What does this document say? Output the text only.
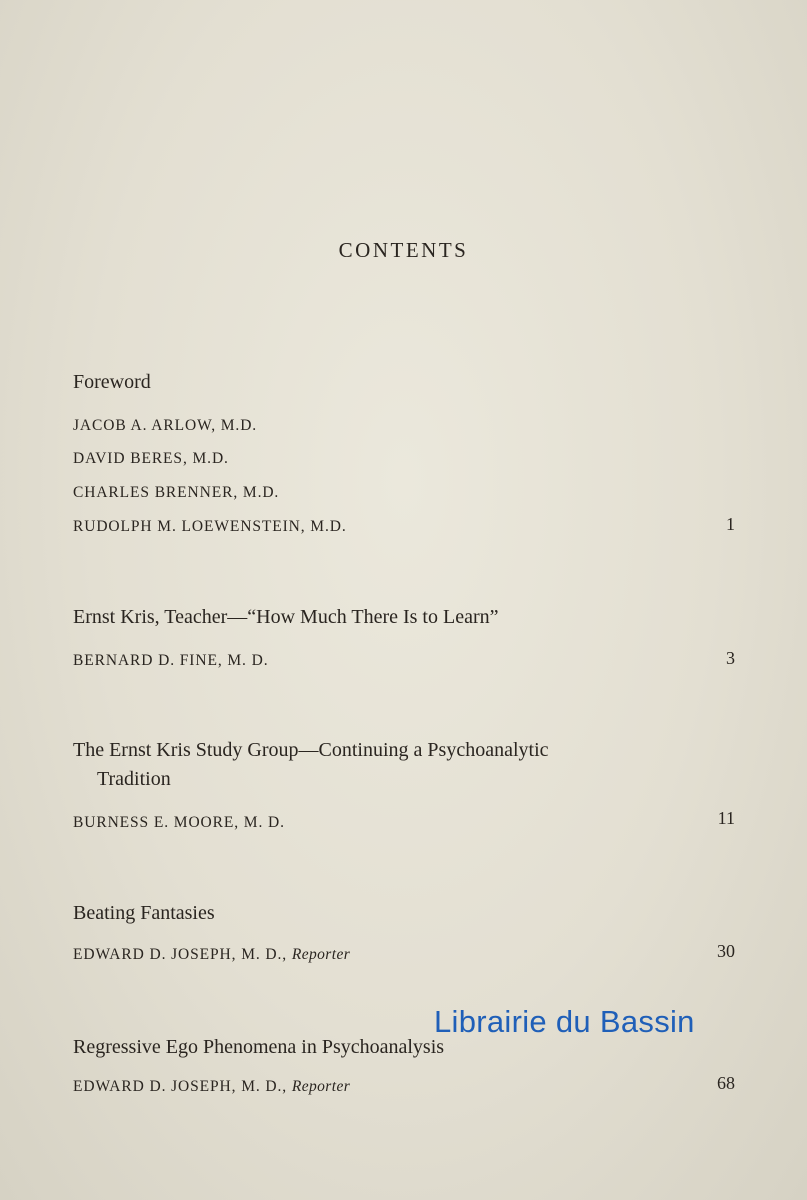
CONTENTS
Foreword
JACOB A. ARLOW, M.D.
DAVID BERES, M.D.
CHARLES BRENNER, M.D.
RUDOLPH M. LOEWENSTEIN, M.D.	1
Ernst Kris, Teacher—“How Much There Is to Learn”
BERNARD D. FINE, M. D.	3
The Ernst Kris Study Group—Continuing a Psychoanalytic
Tradition
BURNESS E. MOORE, M. D.	11
Beating Fantasies
EDWARD D. JOSEPH, M. D., Reporter	30
Regressive Ego Phenomena in Psychoanalysis
EDWARD D. JOSEPH, M. D., Reporter	68
Librairie du Bassin
